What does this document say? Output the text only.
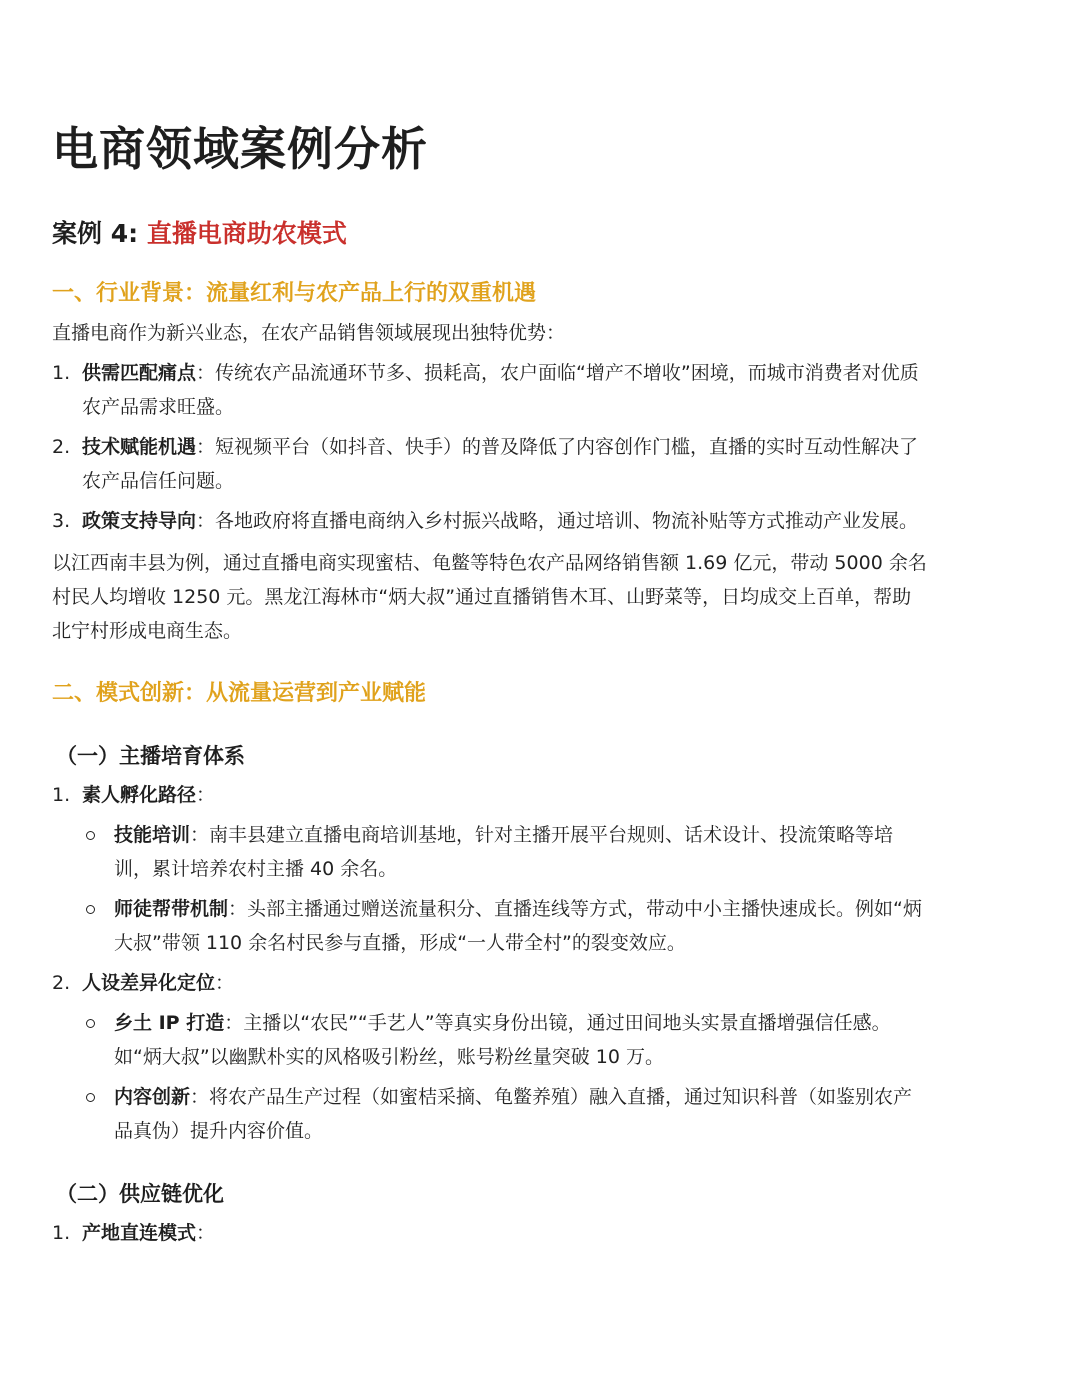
电商领域案例分析
案例 4: 直播电商助农模式
一、行业背景：流量红利与农产品上行的双重机遇

直播电商作为新兴业态，在农产品销售领域展现出独特优势：

1. 供需匹配痛点：传统农产品流通环节多、损耗高，农户面临“增产不增收”困境，而城市消费者对优质农产品需求旺盛。
2. 技术赋能机遇：短视频平台（如抖音、快手）的普及降低了内容创作门槛，直播的实时互动性解决了农产品信任问题。
3. 政策支持导向：各地政府将直播电商纳入乡村振兴战略，通过培训、物流补贴等方式推动产业发展。

以江西南丰县为例，通过直播电商实现蜜桔、龟鳖等特色农产品网络销售额 1.69 亿元，带动 5000 余名村民人均增收 1250 元。黑龙江海林市“炳大叔”通过直播销售木耳、山野菜等，日均成交上百单，帮助北宁村形成电商生态。

二、模式创新：从流量运营到产业赋能
（一）主播培育体系
1. 素人孵化路径：
技能培训：南丰县建立直播电商培训基地，针对主播开展平台规则、话术设计、投流策略等培训，累计培养农村主播 40 余名。
师徒帮带机制：头部主播通过赠送流量积分、直播连线等方式，带动中小主播快速成长。例如“炳大叔”带领 110 余名村民参与直播，形成“一人带全村”的裂变效应。
2. 人设差异化定位：
乡土 IP 打造：主播以“农民”“手艺人”等真实身份出镜，通过田间地头实景直播增强信任感。如“炳大叔”以幽默朴实的风格吸引粉丝，账号粉丝量突破 10 万。
内容创新：将农产品生产过程（如蜜桔采摘、龟鳖养殖）融入直播，通过知识科普（如鉴别农产品真伪）提升内容价值。
（二）供应链优化
1. 产地直连模式：
